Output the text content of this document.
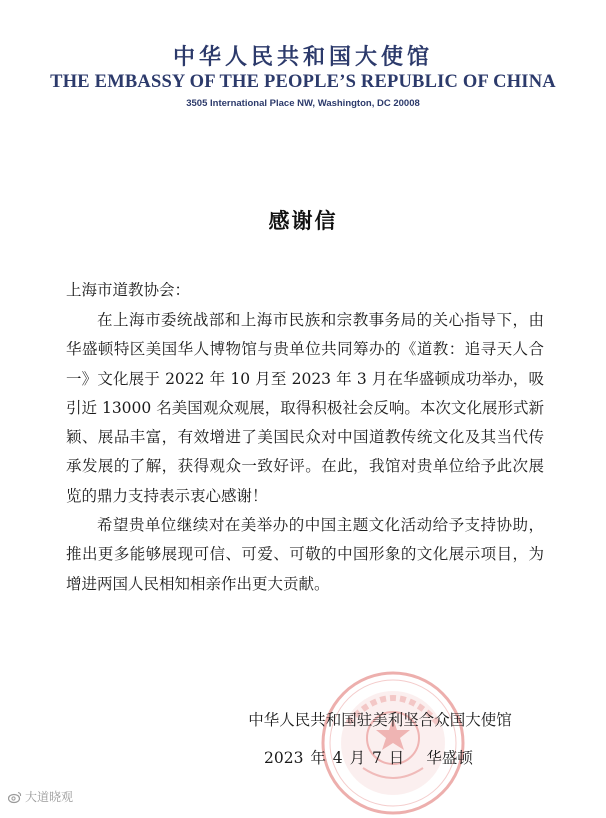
中华人民共和国大使馆
THE EMBASSY OF THE PEOPLE’S REPUBLIC OF CHINA
3505 International Place NW, Washington, DC 20008
感谢信
上海市道教协会：

在上海市委统战部和上海市民族和宗教事务局的关心指导下，由华盛顿特区美国华人博物馆与贵单位共同筹办的《道教：追寻天人合一》文化展于 2022 年 10 月至 2023 年 3 月在华盛顿成功举办，吸引近 13000 名美国观众观展，取得积极社会反响。本次文化展形式新颖、展品丰富，有效增进了美国民众对中国道教传统文化及其当代传承发展的了解，获得观众一致好评。在此，我馆对贵单位给予此次展览的鼎力支持表示衷心感谢！

希望贵单位继续对在美举办的中国主题文化活动给予支持协助，推出更多能够展现可信、可爱、可敬的中国形象的文化展示项目，为增进两国人民相知相亲作出更大贡献。

中华人民共和国驻美利坚合众国大使馆
2023 年 4 月 7 日 华盛顿
大道晓观
